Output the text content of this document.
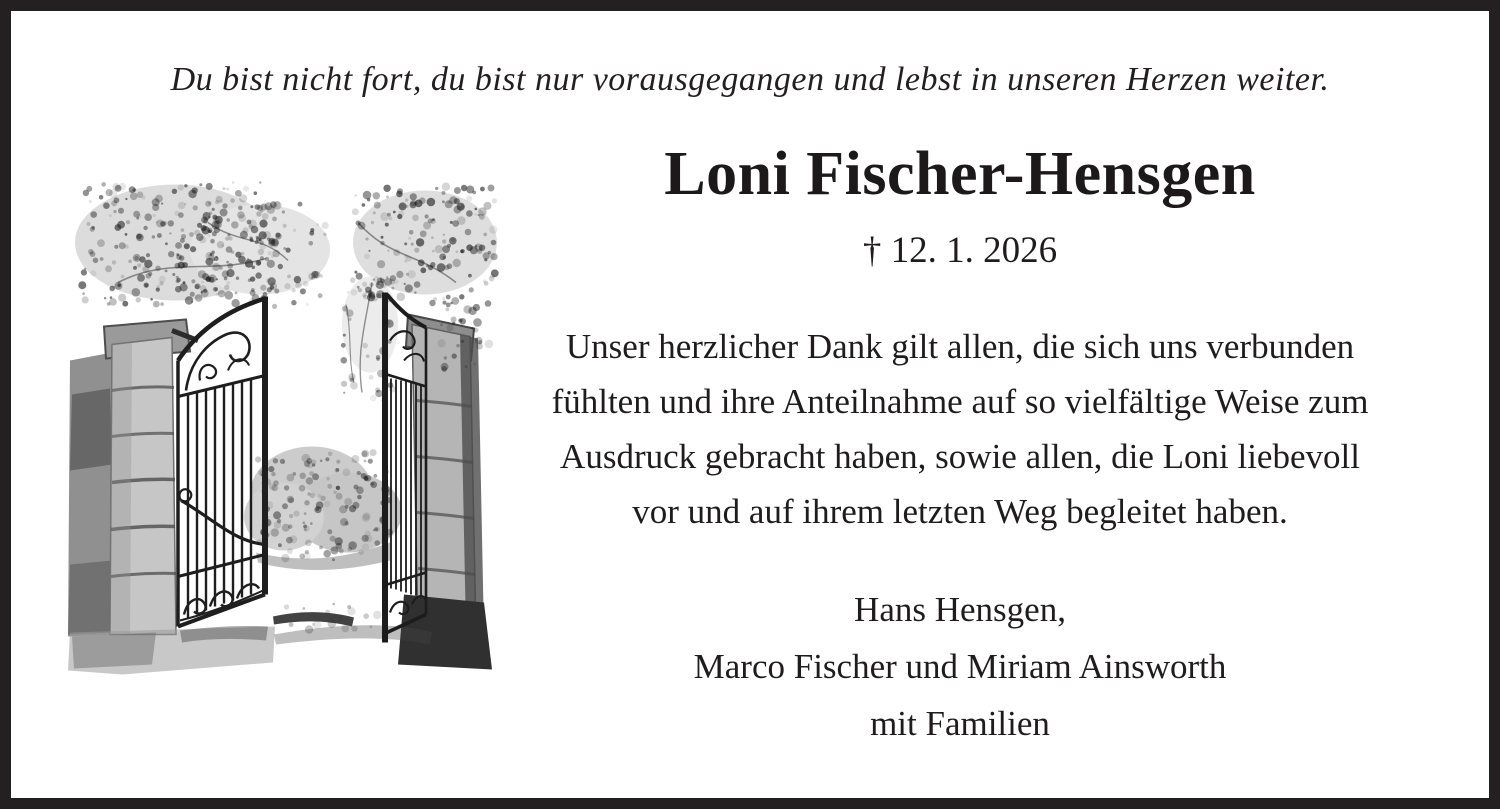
Du bist nicht fort, du bist nur vorausgegangen und lebst in unseren Herzen weiter.

Loni Fischer-Hensgen

† 12. 1. 2026

Unser herzlicher Dank gilt allen, die sich uns verbunden

fühlten und ihre Anteilnahme auf so vielfältige Weise zum

Ausdruck gebracht haben, sowie allen, die Loni liebevoll

vor und auf ihrem letzten Weg begleitet haben.

Hans Hensgen,

Marco Fischer und Miriam Ainsworth

mit Familien
